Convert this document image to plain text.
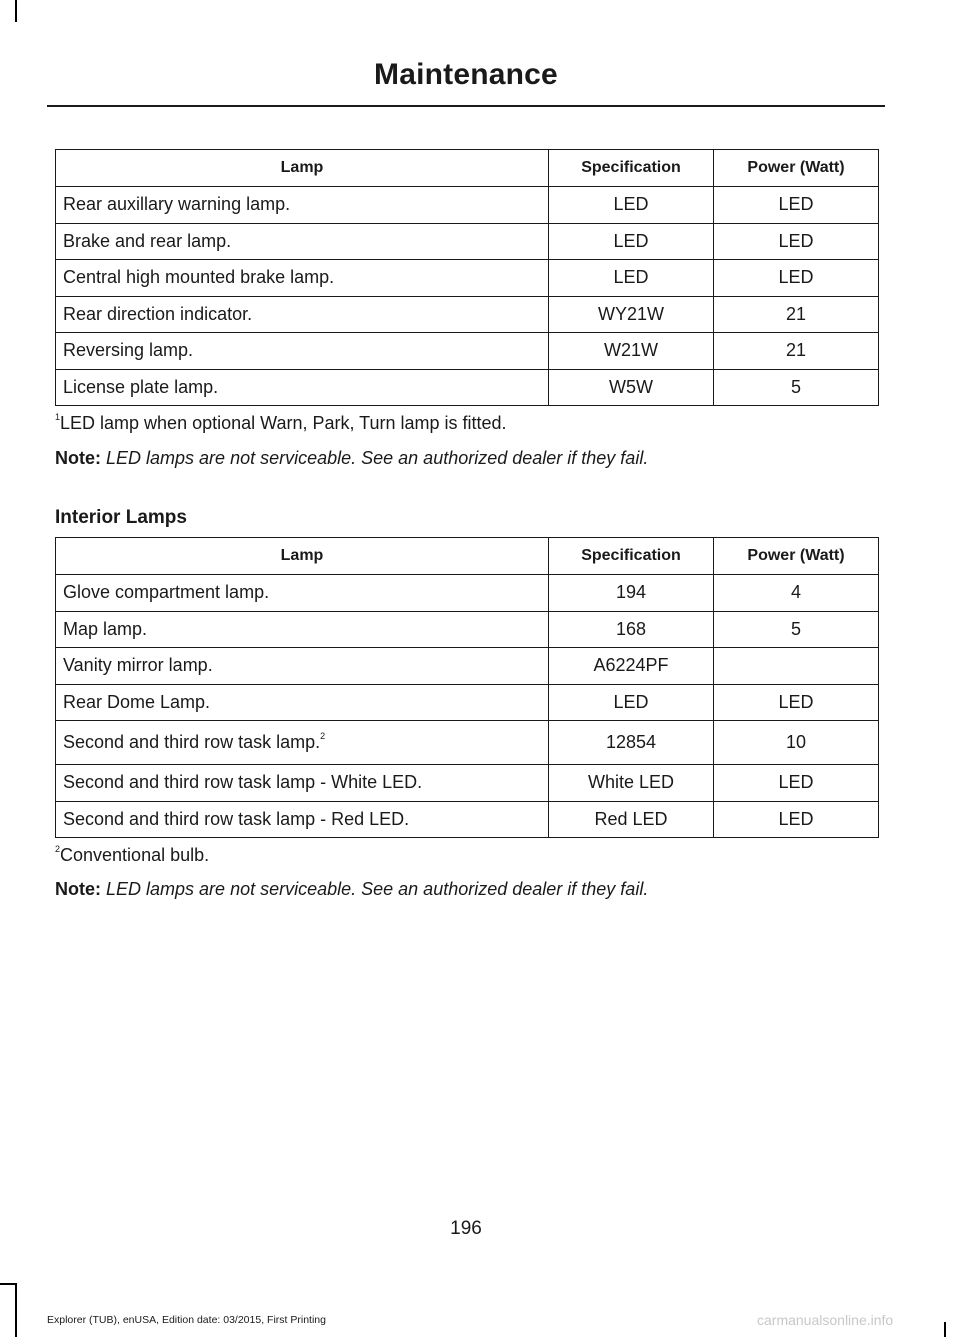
Maintenance
Lamp	Specification	Power (Watt)
Rear auxillary warning lamp.	LED	LED
Brake and rear lamp.	LED	LED
Central high mounted brake lamp.	LED	LED
Rear direction indicator.	WY21W	21
Reversing lamp.	W21W	21
License plate lamp.	W5W	5
$^1$LED lamp when optional Warn, Park, Turn lamp is fitted.
Note: LED lamps are not serviceable. See an authorized dealer if they fail.
Interior Lamps
Lamp	Specification	Power (Watt)
Glove compartment lamp.	194	4
Map lamp.	168	5
Vanity mirror lamp.	A6224PF	
Rear Dome Lamp.	LED	LED
Second and third row task lamp.$^2$	12854	10
Second and third row task lamp - White LED.	White LED	LED
Second and third row task lamp - Red LED.	Red LED	LED
$^2$Conventional bulb.
Note: LED lamps are not serviceable. See an authorized dealer if they fail.
196
Explorer (TUB), enUSA, Edition date: 03/2015, First Printing	carmanualsonline.info
